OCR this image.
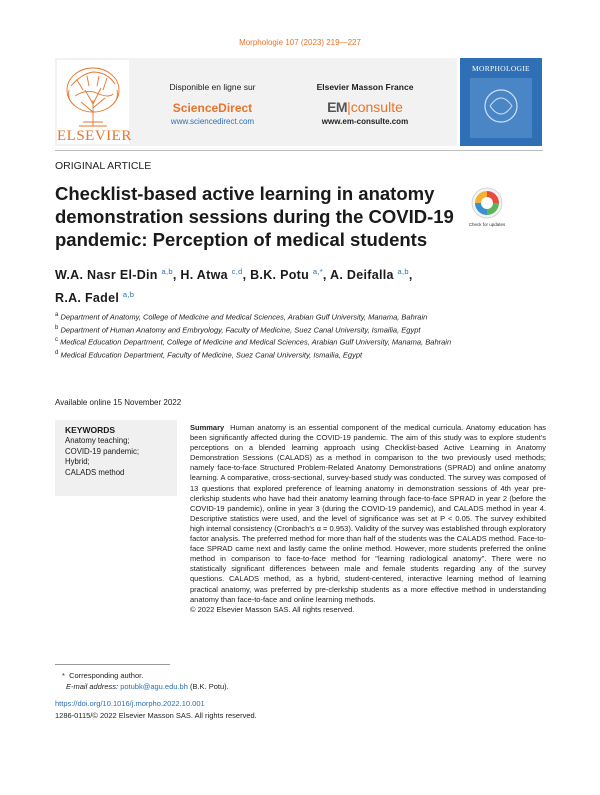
Morphologie 107 (2023) 219—227
ELSEVIER
Disponible en ligne sur
ScienceDirect
www.sciencedirect.com
Elsevier Masson France
EM|consulte
www.em-consulte.com
MORPHOLOGIE
ORIGINAL ARTICLE
Checklist-based active learning in anatomy demonstration sessions during the COVID-19 pandemic: Perception of medical students
Check for updates
W.A. Nasr El-Din $^{a,b}$, H. Atwa $^{c,d}$, B.K. Potu $^{a,*}$, A. Deifalla $^{a,b}$,
R.A. Fadel $^{a,b}$
$^a$ Department of Anatomy, College of Medicine and Medical Sciences, Arabian Gulf University, Manama, Bahrain
$^b$ Department of Human Anatomy and Embryology, Faculty of Medicine, Suez Canal University, Ismailia, Egypt
$^c$ Medical Education Department, College of Medicine and Medical Sciences, Arabian Gulf University, Manama, Bahrain
$^d$ Medical Education Department, Faculty of Medicine, Suez Canal University, Ismailia, Egypt
Available online 15 November 2022
KEYWORDS
Anatomy teaching;
COVID-19 pandemic;
Hybrid;
CALADS method
Summary Human anatomy is an essential component of the medical curricula. Anatomy education has been significantly affected during the COVID-19 pandemic. The aim of this study was to explore student's perceptions on a blended learning approach using Checklist-based Active Learning in Anatomy Demonstration Sessions (CALADS) as a method in comparison to the two previously used methods; namely face-to-face Structured Problem-Related Anatomy Demonstrations (SPRAD) and online anatomy learning. A comparative, cross-sectional, survey-based study was conducted. The survey was composed of 13 questions that explored preference of learning anatomy in demonstration sessions of 4th year pre-clerkship students who have had their anatomy learning through face-to-face SPRAD in year 2 (before the COVID-19 pandemic), online in year 3 (during the COVID-19 pandemic), and CALADS method in year 4. Descriptive statistics were used, and the level of significance was set at P < 0.05. The survey exhibited high internal consistency (Cronbach's α = 0.953). Validity of the survey was established through exploratory factor analysis. The preferred method for more than half of the students was the CALADS method. Face-to-face SPRAD came next and lastly came the online method. However, more students preferred the online method in comparison to face-to-face method for ''learning radiological anatomy''. There were no statistically significant differences between male and female students regarding any of the survey questions. CALADS method, as a hybrid, student-centered, interactive learning method of learning practical anatomy, was preferred by pre-clerkship students as a more effective method in understanding anatomy than face-to-face and online learning methods.
© 2022 Elsevier Masson SAS. All rights reserved.
* Corresponding author.
E-mail address: potubk@agu.edu.bh (B.K. Potu).
https://doi.org/10.1016/j.morpho.2022.10.001
1286-0115/© 2022 Elsevier Masson SAS. All rights reserved.
